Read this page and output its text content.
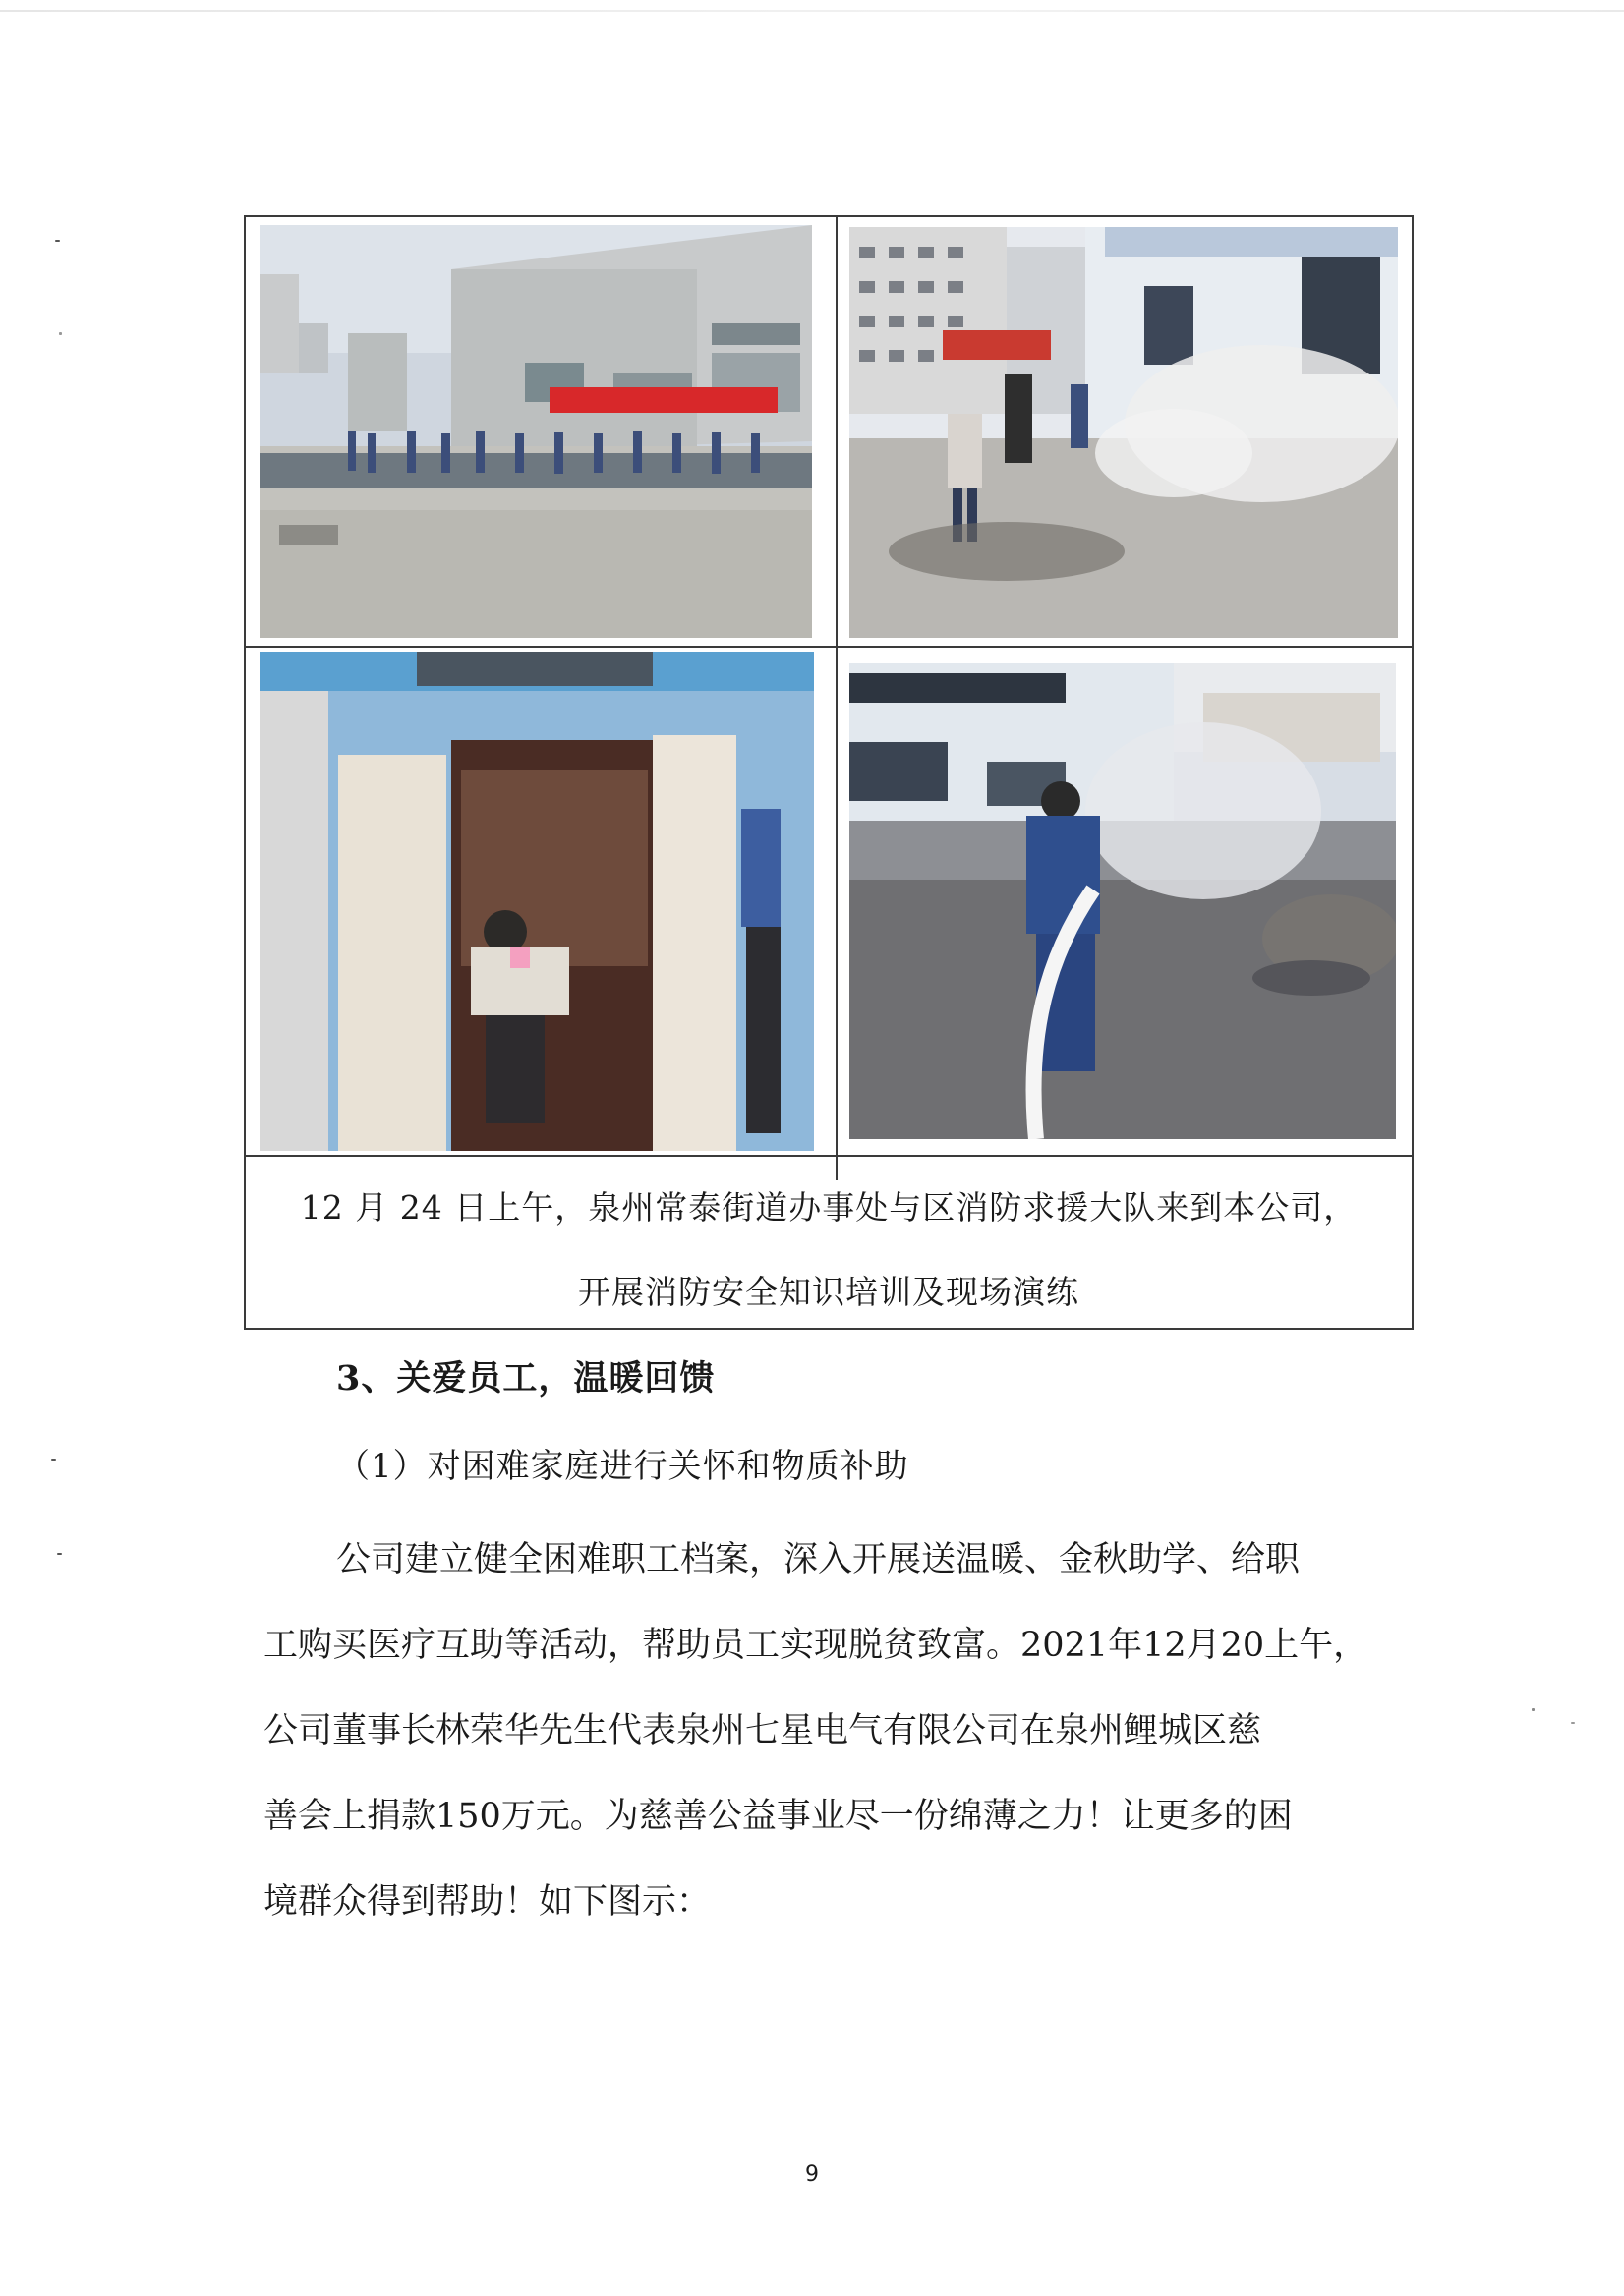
12 月 24 日上午，泉州常泰街道办事处与区消防求援大队来到本公司，
开展消防安全知识培训及现场演练
3、关爱员工，温暖回馈
（1）对困难家庭进行关怀和物质补助
公司建立健全困难职工档案，深入开展送温暖、金秋助学、给职
工购买医疗互助等活动，帮助员工实现脱贫致富。2021年12月20上午，
公司董事长林荣华先生代表泉州七星电气有限公司在泉州鲤城区慈
善会上捐款150万元。为慈善公益事业尽一份绵薄之力！让更多的困
境群众得到帮助！如下图示：
9
